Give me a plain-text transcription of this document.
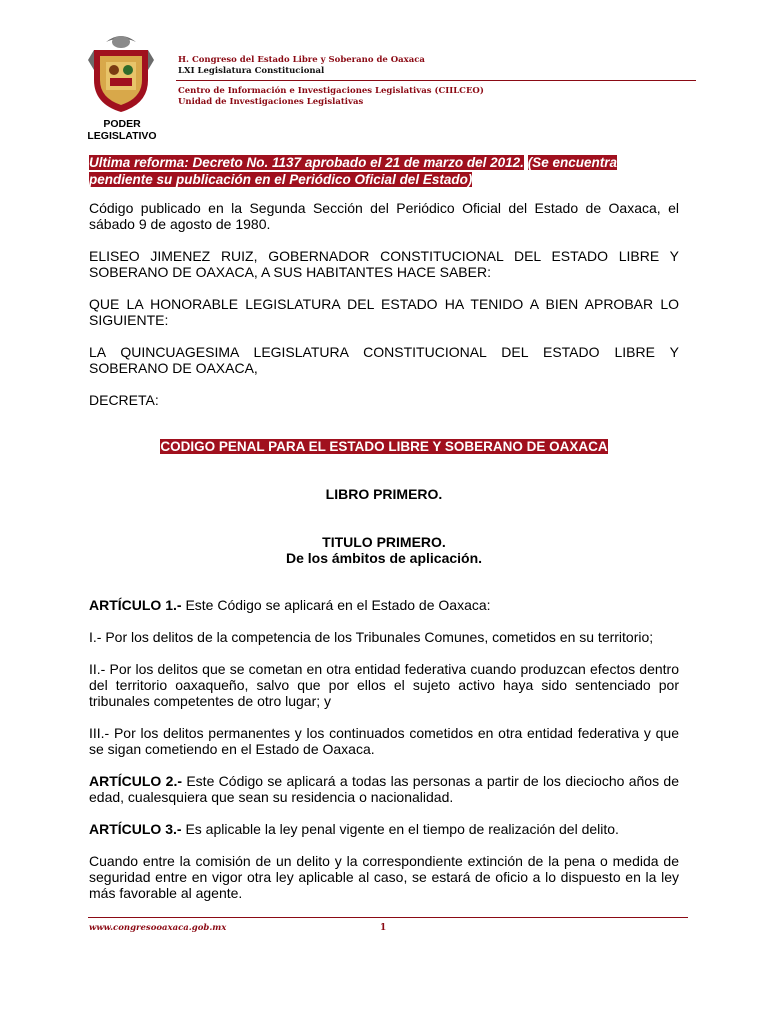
PODER LEGISLATIVO
H. Congreso del Estado Libre y Soberano de Oaxaca
LXI Legislatura Constitucional
Centro de Información e Investigaciones Legislativas (CIILCEO)
Unidad de Investigaciones Legislativas

Ultima reforma: Decreto No. 1137 aprobado el 21 de marzo del 2012. (Se encuentra pendiente su publicación en el Periódico Oficial del Estado)

Código publicado en la Segunda Sección del Periódico Oficial del Estado de Oaxaca, el sábado 9 de agosto de 1980.

ELISEO JIMENEZ RUIZ, GOBERNADOR CONSTITUCIONAL DEL ESTADO LIBRE Y SOBERANO DE OAXACA, A SUS HABITANTES HACE SABER:

QUE LA HONORABLE LEGISLATURA DEL ESTADO HA TENIDO A BIEN APROBAR LO SIGUIENTE:

LA QUINCUAGESIMA LEGISLATURA CONSTITUCIONAL DEL ESTADO LIBRE Y SOBERANO DE OAXACA,

DECRETA:

CODIGO PENAL PARA EL ESTADO LIBRE Y SOBERANO DE OAXACA

LIBRO PRIMERO.

TITULO PRIMERO.

De los ámbitos de aplicación.

ARTÍCULO 1.- Este Código se aplicará en el Estado de Oaxaca:

I.- Por los delitos de la competencia de los Tribunales Comunes, cometidos en su territorio;

II.- Por los delitos que se cometan en otra entidad federativa cuando produzcan efectos dentro del territorio oaxaqueño, salvo que por ellos el sujeto activo haya sido sentenciado por tribunales competentes de otro lugar; y

III.- Por los delitos permanentes y los continuados cometidos en otra entidad federativa y que se sigan cometiendo en el Estado de Oaxaca.

ARTÍCULO 2.- Este Código se aplicará a todas las personas a partir de los dieciocho años de edad, cualesquiera que sean su residencia o nacionalidad.

ARTÍCULO 3.- Es aplicable la ley penal vigente en el tiempo de realización del delito.

Cuando entre la comisión de un delito y la correspondiente extinción de la pena o medida de seguridad entre en vigor otra ley aplicable al caso, se estará de oficio a lo dispuesto en la ley más favorable al agente.

www.congresooaxaca.gob.mx	1
